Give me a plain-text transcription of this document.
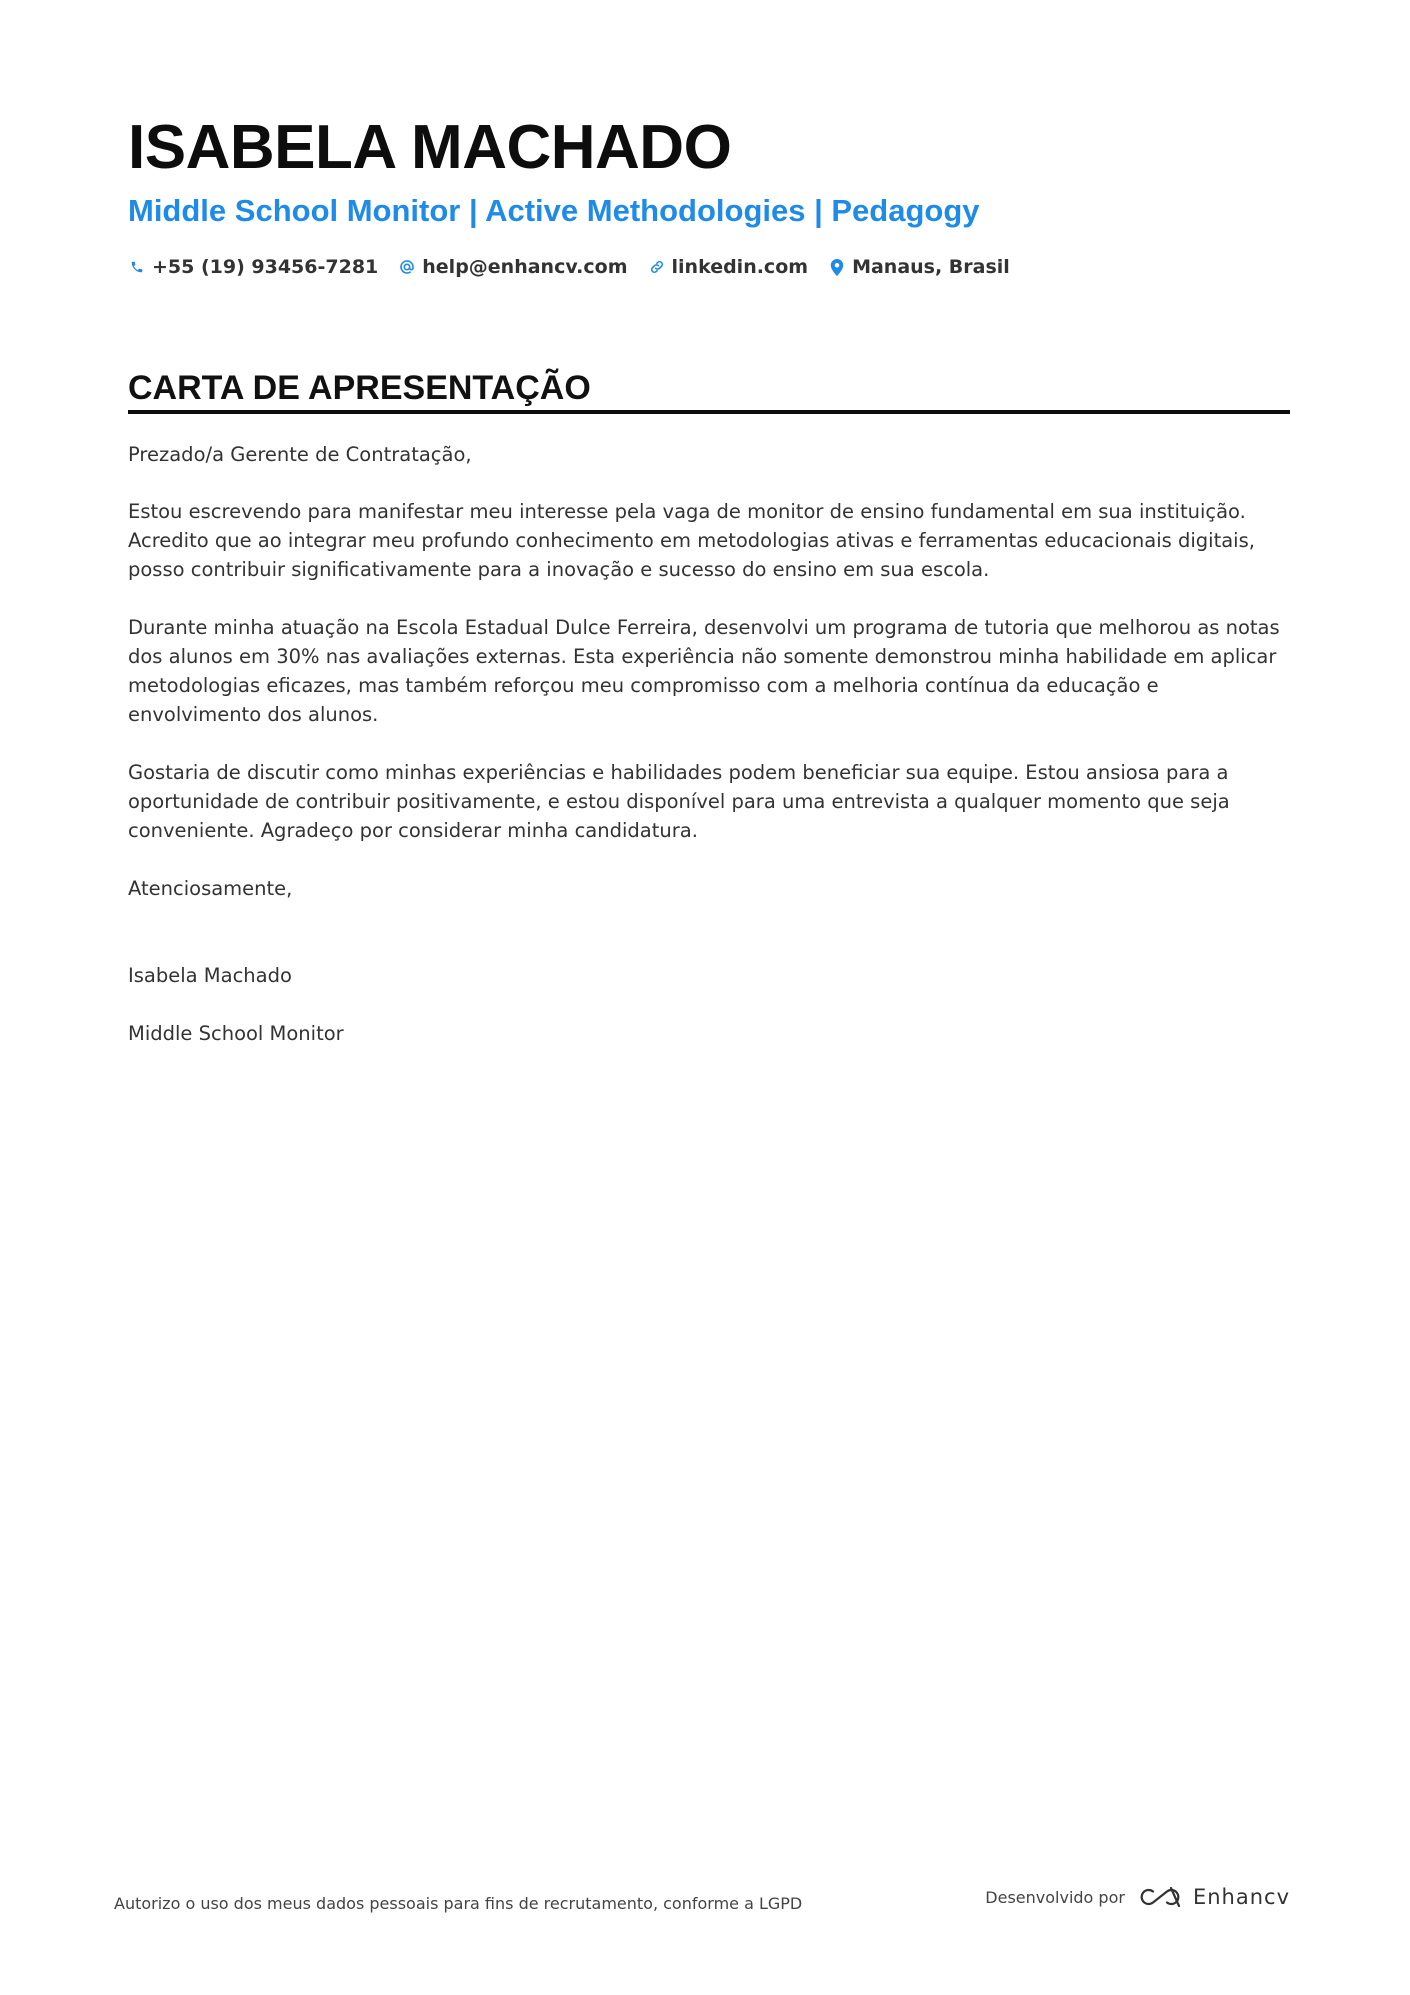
ISABELA MACHADO
Middle School Monitor | Active Methodologies | Pedagogy
+55 (19) 93456-7281 help@enhancv.com linkedin.com Manaus, Brasil
CARTA DE APRESENTAÇÃO

Prezado/a Gerente de Contratação,

Estou escrevendo para manifestar meu interesse pela vaga de monitor de ensino fundamental em sua instituição. Acredito que ao integrar meu profundo conhecimento em metodologias ativas e ferramentas educacionais digitais, posso contribuir significativamente para a inovação e sucesso do ensino em sua escola.

Durante minha atuação na Escola Estadual Dulce Ferreira, desenvolvi um programa de tutoria que melhorou as notas dos alunos em 30% nas avaliações externas. Esta experiência não somente demonstrou minha habilidade em aplicar metodologias eficazes, mas também reforçou meu compromisso com a melhoria contínua da educação e envolvimento dos alunos.

Gostaria de discutir como minhas experiências e habilidades podem beneficiar sua equipe. Estou ansiosa para a oportunidade de contribuir positivamente, e estou disponível para uma entrevista a qualquer momento que seja conveniente. Agradeço por considerar minha candidatura.

Atenciosamente,

Isabela Machado

Middle School Monitor

Autorizo o uso dos meus dados pessoais para fins de recrutamento, conforme a LGPD	Desenvolvido por	Enhancv
